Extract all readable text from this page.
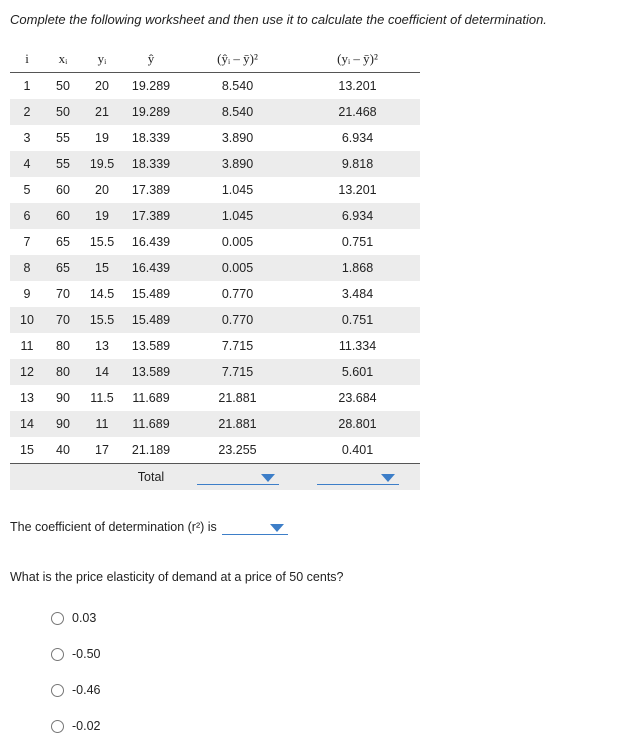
Complete the following worksheet and then use it to calculate the coefficient of determination.
i	xᵢ	yᵢ	ŷ	(ŷᵢ – ȳ)²	(yᵢ – ȳ)²
1	50	20	19.289	8.540	13.201
2	50	21	19.289	8.540	21.468
3	55	19	18.339	3.890	6.934
4	55	19.5	18.339	3.890	9.818
5	60	20	17.389	1.045	13.201
6	60	19	17.389	1.045	6.934
7	65	15.5	16.439	0.005	0.751
8	65	15	16.439	0.005	1.868
9	70	14.5	15.489	0.770	3.484
10	70	15.5	15.489	0.770	0.751
11	80	13	13.589	7.715	11.334
12	80	14	13.589	7.715	5.601
13	90	11.5	11.689	21.881	23.684
14	90	11	11.689	21.881	28.801
15	40	17	21.189	23.255	0.401
			Total	

The coefficient of determination (r²) is
What is the price elasticity of demand at a price of 50 cents?
0.03
-0.50
-0.46
-0.02
